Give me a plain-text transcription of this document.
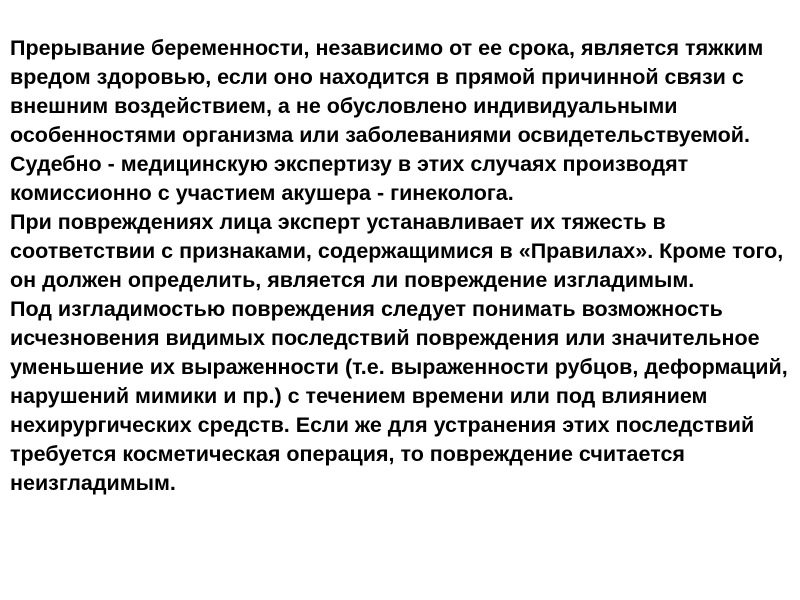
Прерывание беременности, независимо от ее срока, является тяжким вредом здоровью, если оно находится в прямой причинной связи с внешним воздействием, а не обусловлено индивидуальными особенностями организма или заболеваниями освидетельствуемой.

Судебно - медицинскую экспертизу в этих случаях производят комиссионно с участием акушера - гинеколога.

При повреждениях лица эксперт устанавливает их тяжесть в соответствии с признаками, содержащимися в «Правилах». Кроме того, он должен определить, является ли повреждение изгладимым.

Под изгладимостью повреждения следует понимать возможность исчезновения видимых последствий повреждения или значительное уменьшение их выраженности (т.е. выраженности рубцов, деформаций, нарушений мимики и пр.) с течением времени или под влиянием нехирургических средств. Если же для устранения этих последствий требуется косметическая операция, то повреждение считается неизгладимым.
